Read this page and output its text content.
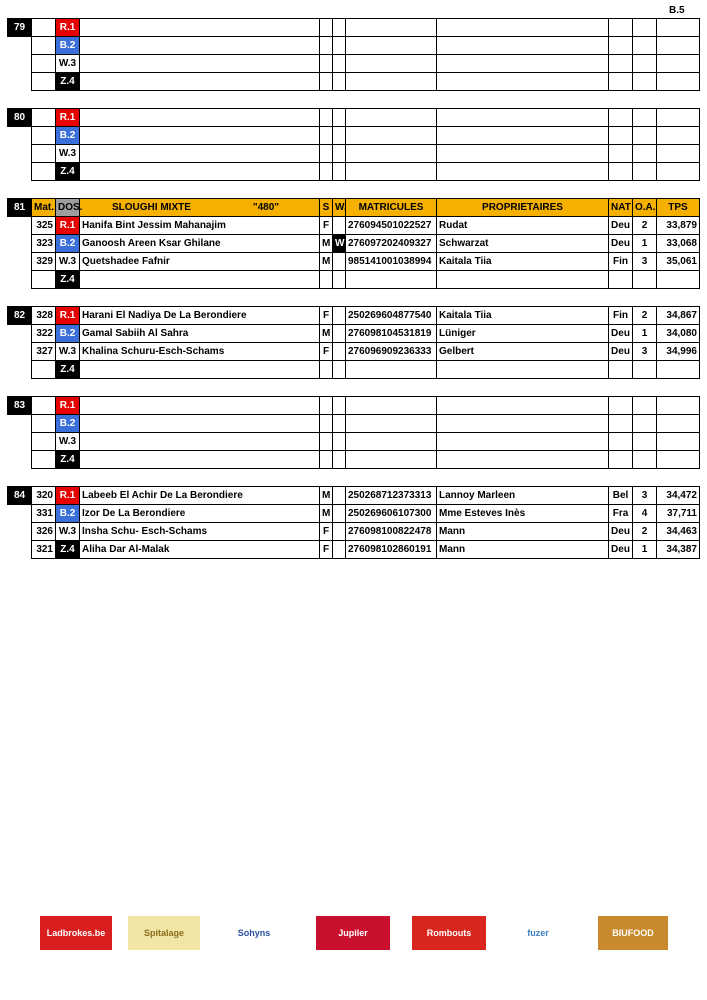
B.5
79		R.1								
		B.2								
		W.3								
		Z.4								
80		R.1								
		B.2								
		W.3								
		Z.4								
81	Mat.	DOS.	SLOUGHI MIXTE "480"	S	W.	MATRICULES	PROPRIETAIRES	NAT	O.A.	TPS
	325	R.1	Hanifa Bint Jessim Mahanajim	F		276094501022527	Rudat	Deu	2	33,879
	323	B.2	Ganoosh Areen Ksar Ghilane	M	W	276097202409327	Schwarzat	Deu	1	33,068
	329	W.3	Quetshadee Fafnir	M		985141001038994	Kaitala Tiia	Fin	3	35,061
		Z.4								
82	328	R.1	Harani El Nadiya De La Berondiere	F		250269604877540	Kaitala Tiia	Fin	2	34,867
	322	B.2	Gamal Sabiih Al Sahra	M		276098104531819	Lüniger	Deu	1	34,080
	327	W.3	Khalina Schuru-Esch-Schams	F		276096909236333	Gelbert	Deu	3	34,996
		Z.4								
83		R.1								
		B.2								
		W.3								
		Z.4								
84	320	R.1	Labeeb El Achir De La Berondiere	M		250268712373313	Lannoy Marleen	Bel	3	34,472
	331	B.2	Izor De La Berondiere	M		250269606107300	Mme Esteves Inès	Fra	4	37,711
	326	W.3	Insha Schu- Esch-Schams	F		276098100822478	Mann	Deu	2	34,463
	321	Z.4	Aliha Dar Al-Malak	F		276098102860191	Mann	Deu	1	34,387
Ladbrokes.be	Spitalage	Sohyns	Jupiler	Rombouts	fuzer	BIUFOOD
